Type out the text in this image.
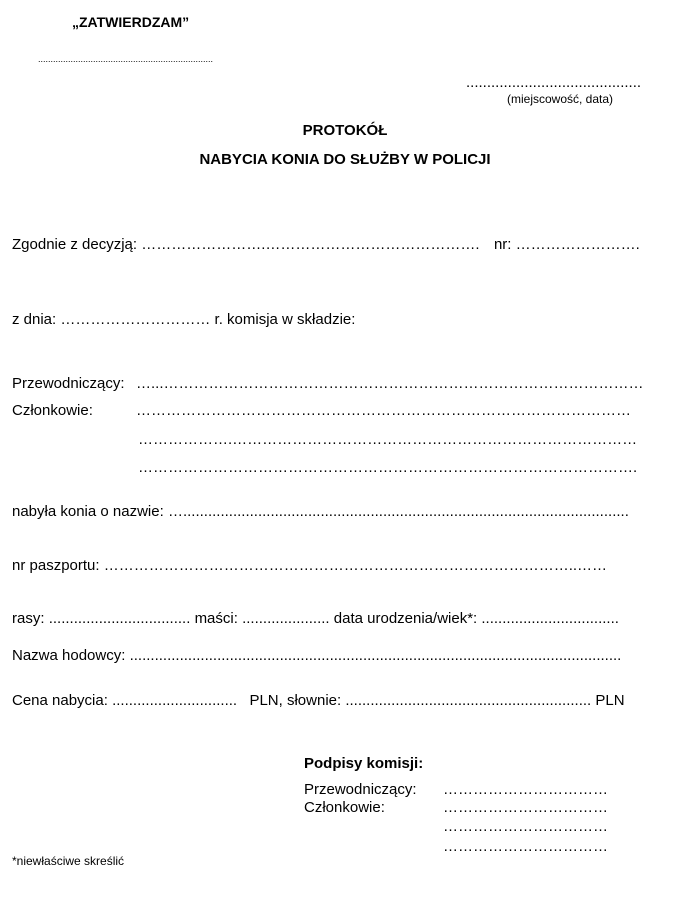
„ZATWIERDZAM”
......................................................................
..........................................
(miejscowość, data)
PROTOKÓŁ
NABYCIA KONIA DO SŁUŻBY W POLICJI
Zgodnie z decyzją: …………………….……………………………………. nr: …………………….
z dnia: ………………………… r. komisja w składzie:
Przewodniczący: …...……………………………………………………………………………………
Członkowie:	………………………………………………………………………………………
……………….………………………………………………………………………
……………………………………………………………………………………….
nabyła konia o nazwie: …...........................................................................................................
nr paszportu: …………………………………………………………………………………..……
rasy: .................................. maści: ..................... data urodzenia/wiek*: .................................
Nazwa hodowcy: ......................................................................................................................
Cena nabycia: .............................. PLN, słownie: ........................................................... PLN
Podpisy komisji:
Przewodniczący: ……………………………
Członkowie:	……………………………
……………………………
……………………………
*niewłaściwe skreślić
